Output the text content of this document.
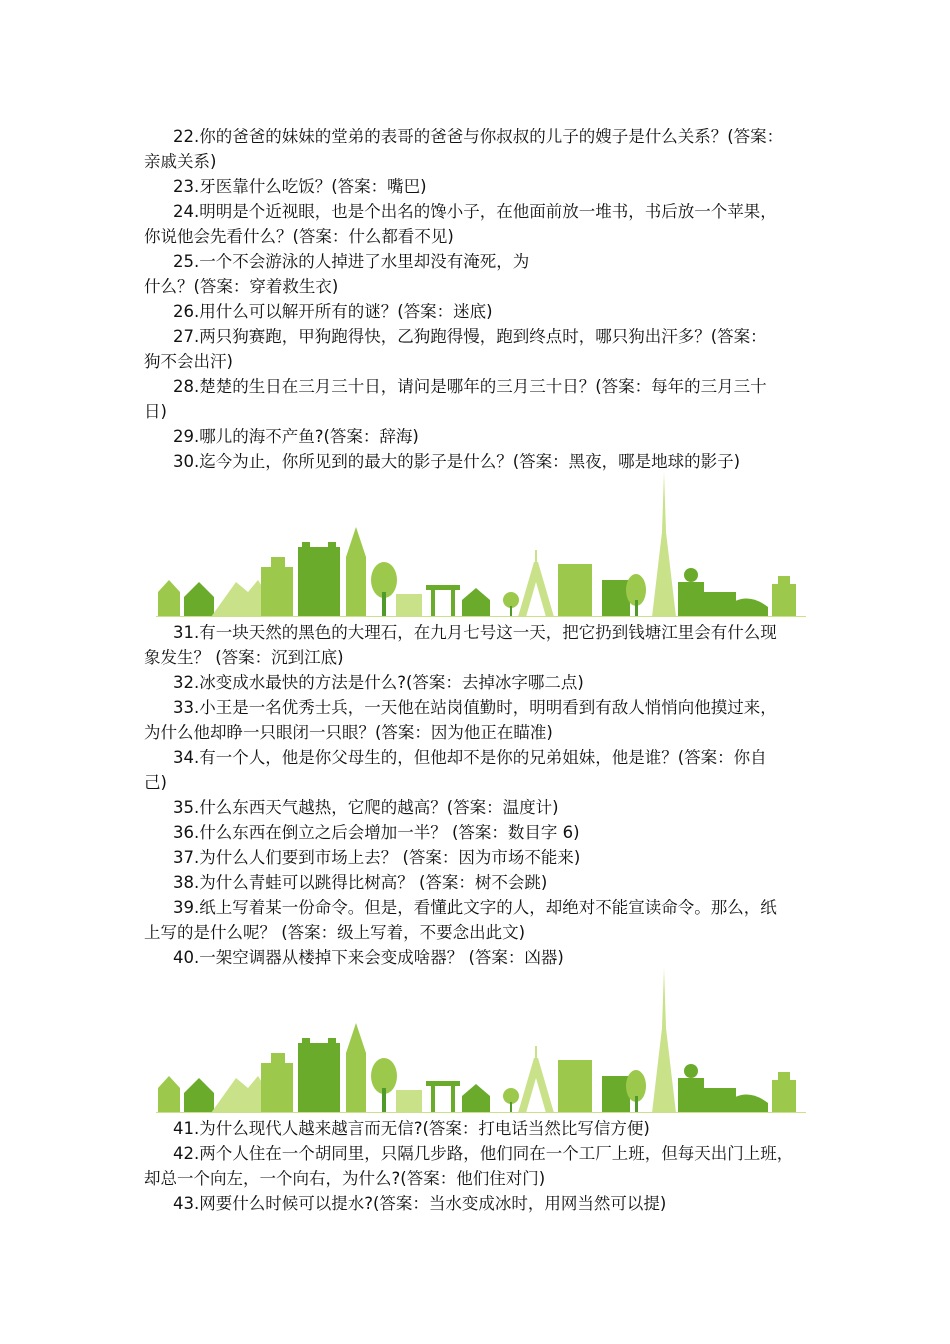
22.你的爸爸的妹妹的堂弟的表哥的爸爸与你叔叔的儿子的嫂子是什么关系？(答案：
亲戚关系)

23.牙医靠什么吃饭？(答案：嘴巴)

24.明明是个近视眼，也是个出名的馋小子，在他面前放一堆书，书后放一个苹果，
你说他会先看什么？(答案：什么都看不见)

25.一个不会游泳的人掉进了水里却没有淹死，为
什么？(答案：穿着救生衣)

26.用什么可以解开所有的谜？(答案：迷底)

27.两只狗赛跑，甲狗跑得快，乙狗跑得慢，跑到终点时，哪只狗出汗多？(答案：
狗不会出汗)

28.楚楚的生日在三月三十日，请问是哪年的三月三十日？(答案：每年的三月三十
日)

29.哪儿的海不产鱼?(答案：辞海)

30.迄今为止，你所见到的最大的影子是什么？(答案：黑夜，哪是地球的影子)

31.有一块天然的黑色的大理石，在九月七号这一天，把它扔到钱塘江里会有什么现
象发生？ (答案：沉到江底)

32.冰变成水最快的方法是什么?(答案：去掉冰字哪二点)

33.小王是一名优秀士兵，一天他在站岗值勤时，明明看到有敌人悄悄向他摸过来，
为什么他却睁一只眼闭一只眼？(答案：因为他正在瞄准)

34.有一个人，他是你父母生的，但他却不是你的兄弟姐妹，他是谁？(答案：你自
己)

35.什么东西天气越热，它爬的越高？(答案：温度计)

36.什么东西在倒立之后会增加一半？ (答案：数目字 6)

37.为什么人们要到市场上去？ (答案：因为市场不能来)

38.为什么青蛙可以跳得比树高？ (答案：树不会跳)

39.纸上写着某一份命令。但是，看懂此文字的人，却绝对不能宣读命令。那么，纸
上写的是什么呢？ (答案：级上写着，不要念出此文)

40.一架空调器从楼掉下来会变成啥器？ (答案：凶器)

41.为什么现代人越来越言而无信?(答案：打电话当然比写信方便)

42.两个人住在一个胡同里，只隔几步路，他们同在一个工厂上班，但每天出门上班，
却总一个向左，一个向右，为什么?(答案：他们住对门)

43.网要什么时候可以提水?(答案：当水变成冰时，用网当然可以提)
